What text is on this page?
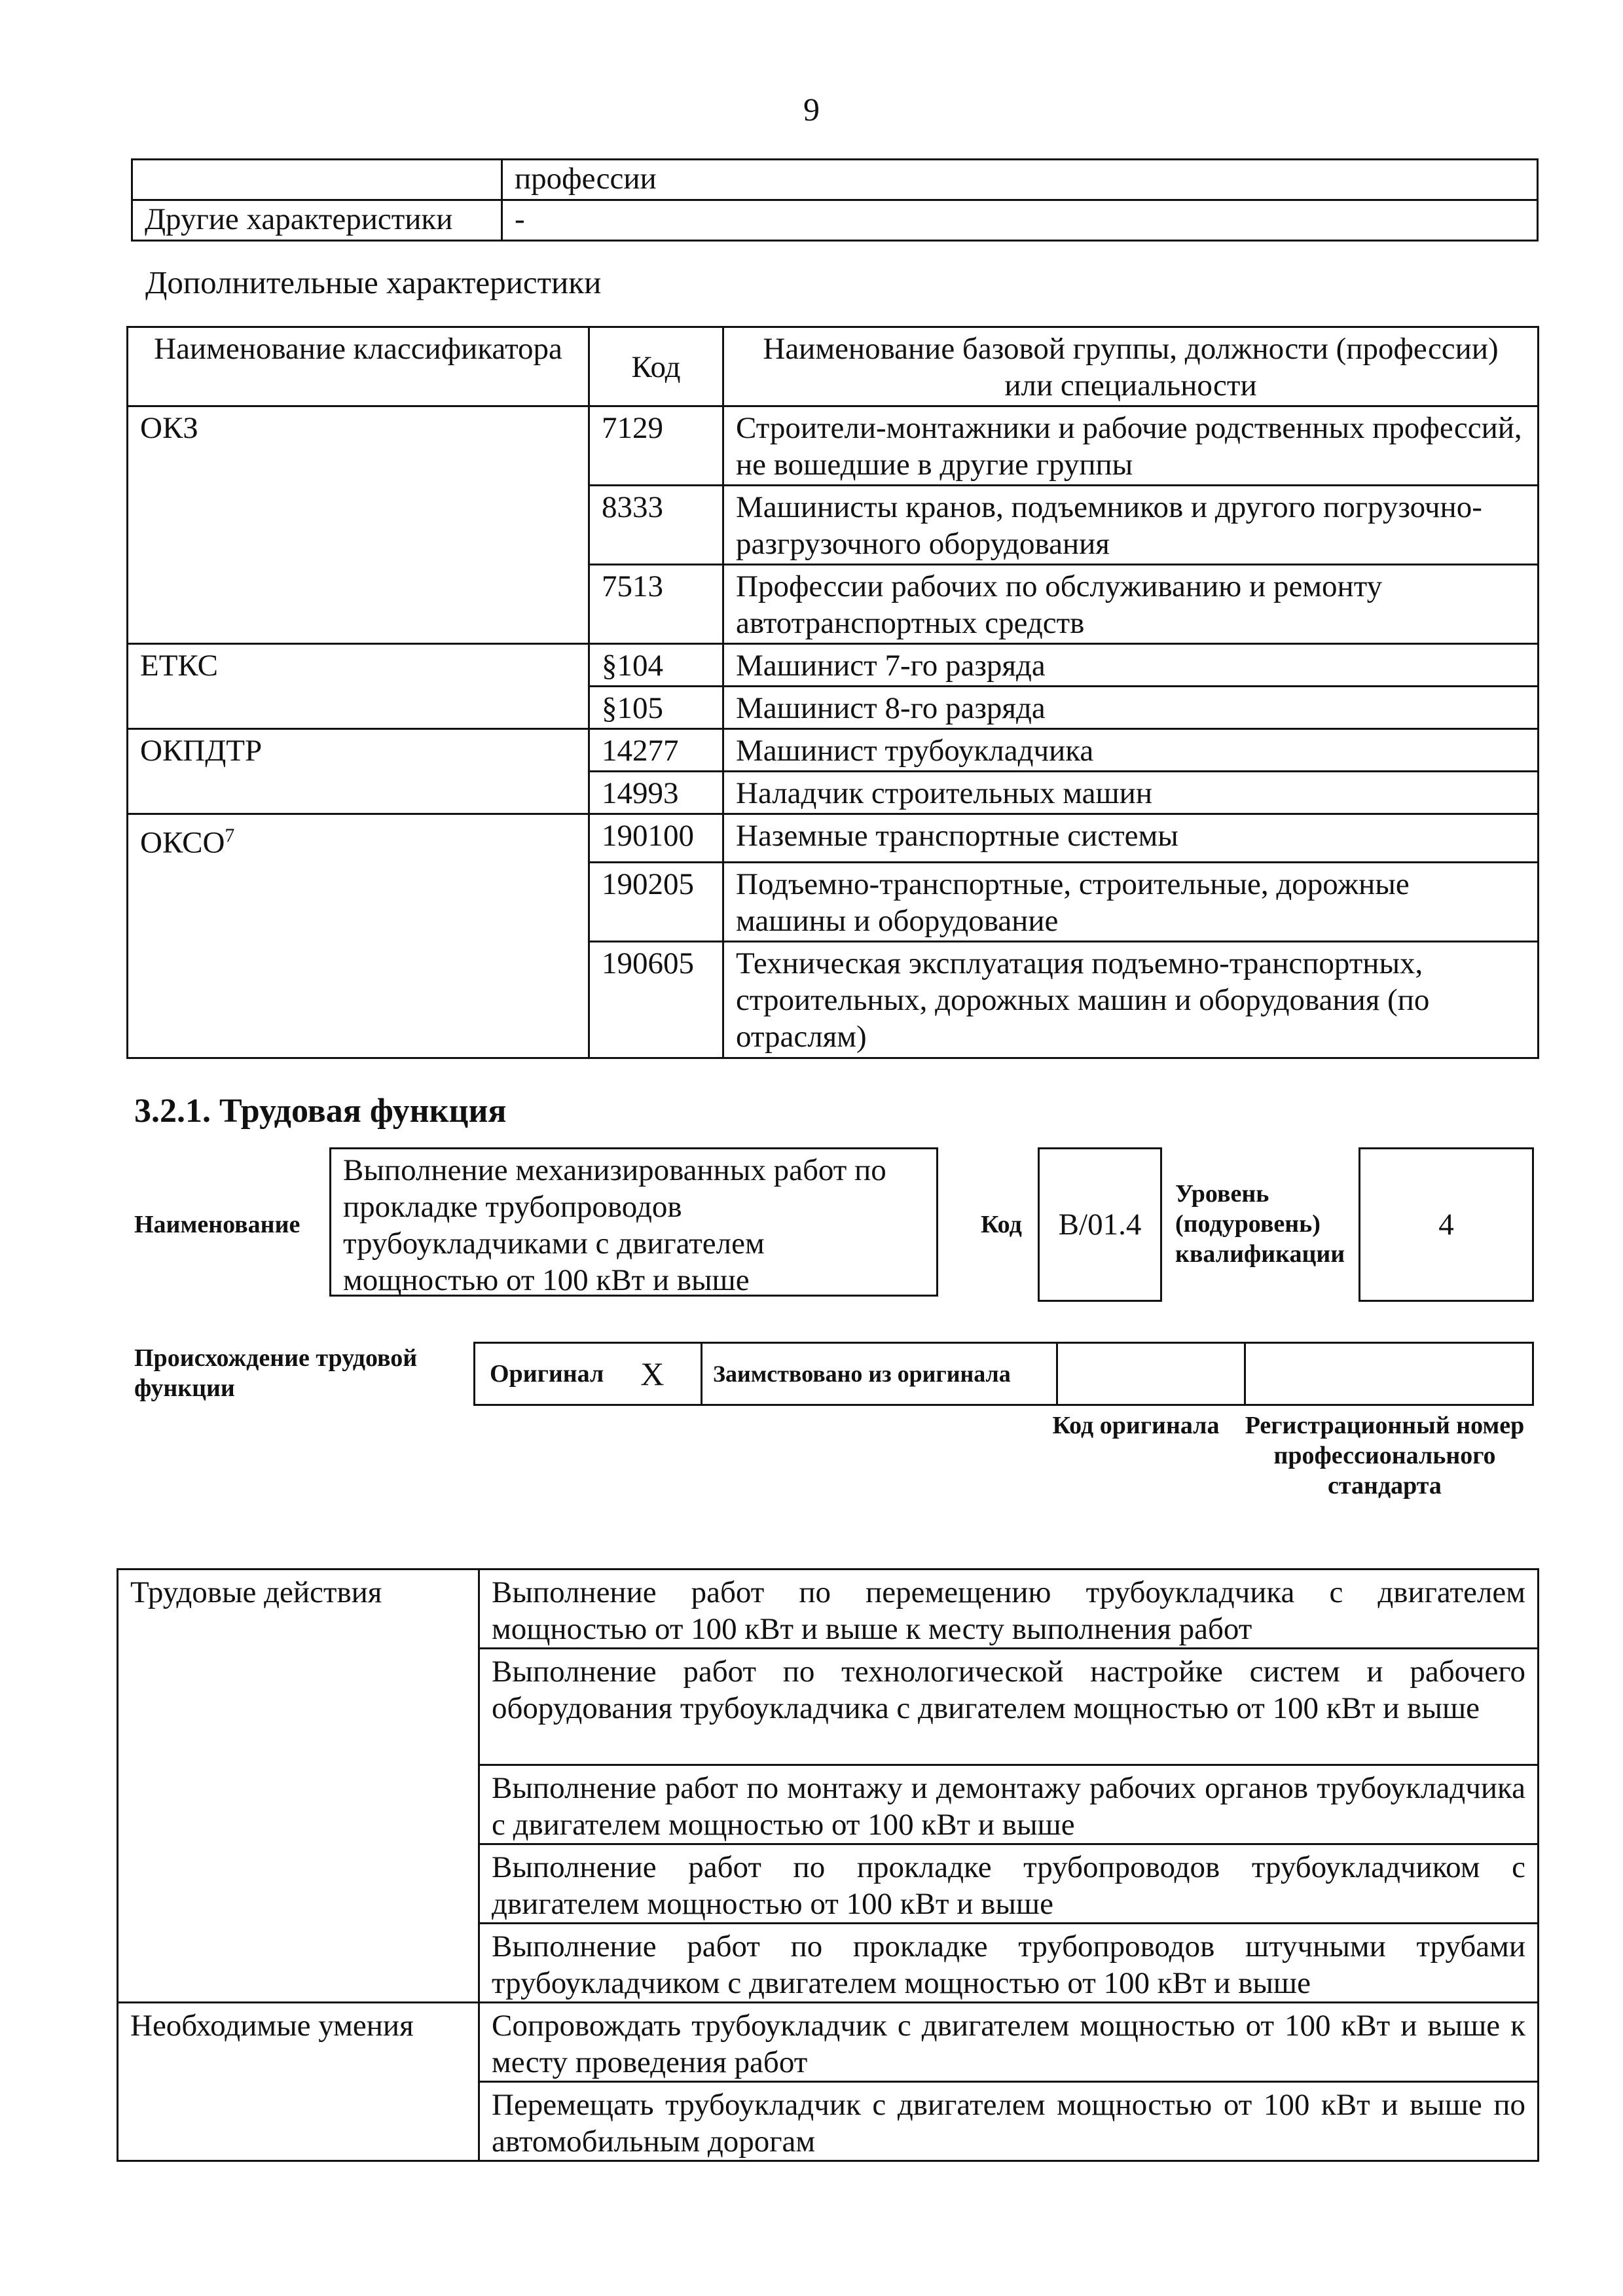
9
	профессии
Другие характеристики	-
Дополнительные характеристики
Наименование классификатора	Код	Наименование базовой группы, должности (профессии) или специальности
ОКЗ	7129	Строители-монтажники и рабочие родственных профессий, не вошедшие в другие группы
	8333	Машинисты кранов, подъемников и другого погрузочно-разгрузочного оборудования
	7513	Профессии рабочих по обслуживанию и ремонту автотранспортных средств
ЕТКС	§104	Машинист 7-го разряда
	§105	Машинист 8-го разряда
ОКПДТР	14277	Машинист трубоукладчика
	14993	Наладчик строительных машин
ОКСО$^7$	190100	Наземные транспортные системы
	190205	Подъемно-транспортные, строительные, дорожные машины и оборудование
	190605	Техническая эксплуатация подъемно-транспортных, строительных, дорожных машин и оборудования (по отраслям)
3.2.1. Трудовая функция
Наименование
Выполнение механизированных работ по прокладке трубопроводов трубоукладчиками с двигателем мощностью от 100 кВт и выше
Код B/01.4
Уровень (подуровень) квалификации
4
Происхождение трудовой функции
Оригинал X Заимствовано из оригинала
Код оригинала	Регистрационный номер профессионального стандарта
Трудовые действия	Выполнение работ по перемещению трубоукладчика с двигателем мощностью от 100 кВт и выше к месту выполнения работ
	Выполнение работ по технологической настройке систем и рабочего оборудования трубоукладчика с двигателем мощностью от 100 кВт и выше
	Выполнение работ по монтажу и демонтажу рабочих органов трубоукладчика с двигателем мощностью от 100 кВт и выше
	Выполнение работ по прокладке трубопроводов трубоукладчиком с двигателем мощностью от 100 кВт и выше
	Выполнение работ по прокладке трубопроводов штучными трубами трубоукладчиком с двигателем мощностью от 100 кВт и выше
Необходимые умения	Сопровождать трубоукладчик с двигателем мощностью от 100 кВт и выше к месту проведения работ
	Перемещать трубоукладчик с двигателем мощностью от 100 кВт и выше по автомобильным дорогам
